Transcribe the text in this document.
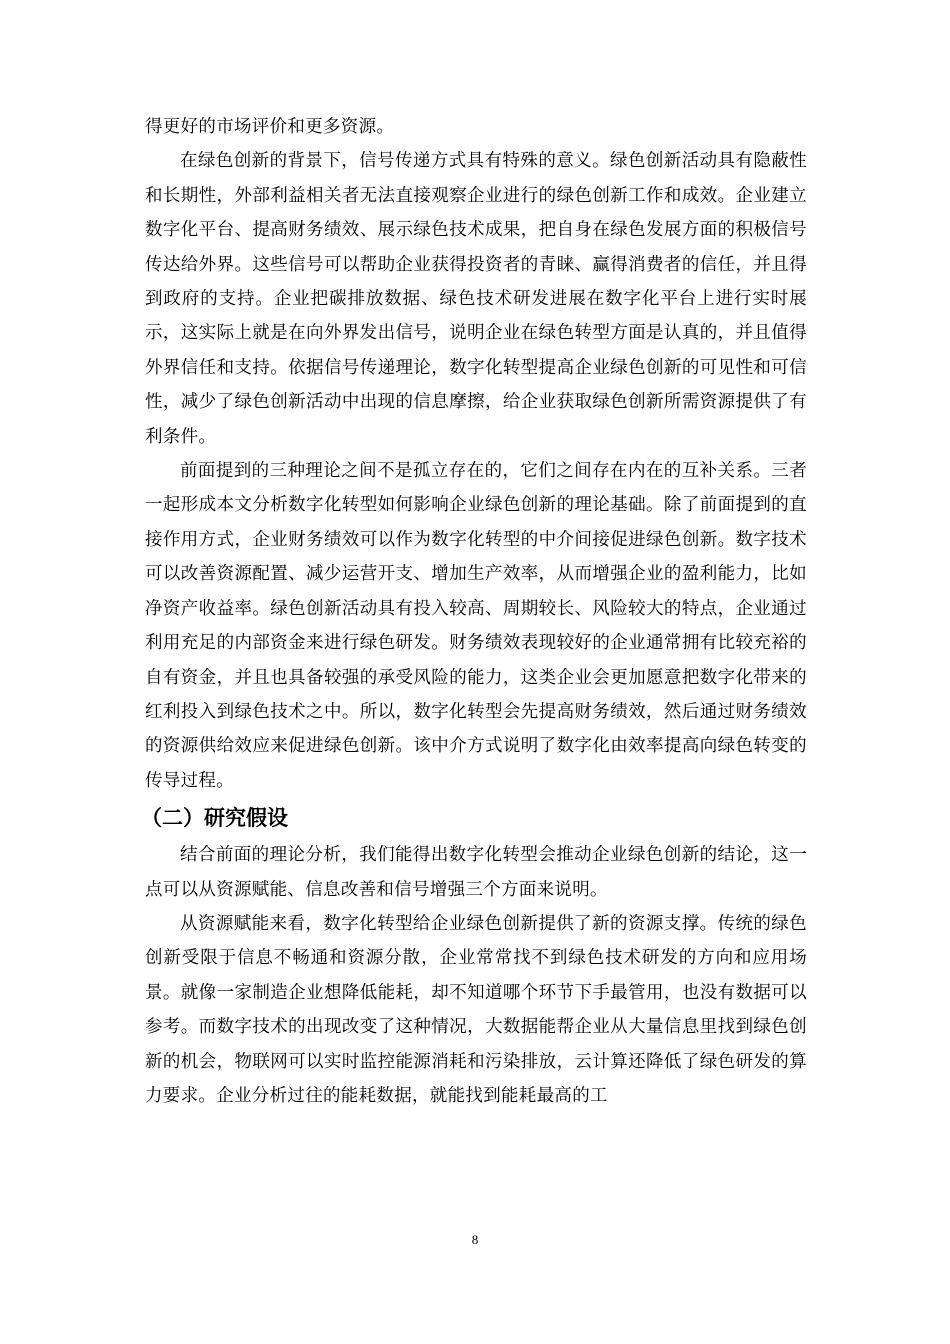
得更好的市场评价和更多资源。

在绿色创新的背景下，信号传递方式具有特殊的意义。绿色创新活动具有隐蔽性和长期性，外部利益相关者无法直接观察企业进行的绿色创新工作和成效。企业建立数字化平台、提高财务绩效、展示绿色技术成果，把自身在绿色发展方面的积极信号传达给外界。这些信号可以帮助企业获得投资者的青睐、赢得消费者的信任，并且得到政府的支持。企业把碳排放数据、绿色技术研发进展在数字化平台上进行实时展示，这实际上就是在向外界发出信号，说明企业在绿色转型方面是认真的，并且值得外界信任和支持。依据信号传递理论，数字化转型提高企业绿色创新的可见性和可信性，减少了绿色创新活动中出现的信息摩擦，给企业获取绿色创新所需资源提供了有利条件。

前面提到的三种理论之间不是孤立存在的，它们之间存在内在的互补关系。三者一起形成本文分析数字化转型如何影响企业绿色创新的理论基础。除了前面提到的直接作用方式，企业财务绩效可以作为数字化转型的中介间接促进绿色创新。数字技术可以改善资源配置、减少运营开支、增加生产效率，从而增强企业的盈利能力，比如净资产收益率。绿色创新活动具有投入较高、周期较长、风险较大的特点，企业通过利用充足的内部资金来进行绿色研发。财务绩效表现较好的企业通常拥有比较充裕的自有资金，并且也具备较强的承受风险的能力，这类企业会更加愿意把数字化带来的红利投入到绿色技术之中。所以，数字化转型会先提高财务绩效，然后通过财务绩效的资源供给效应来促进绿色创新。该中介方式说明了数字化由效率提高向绿色转变的传导过程。

（二）研究假设

结合前面的理论分析，我们能得出数字化转型会推动企业绿色创新的结论，这一点可以从资源赋能、信息改善和信号增强三个方面来说明。

从资源赋能来看，数字化转型给企业绿色创新提供了新的资源支撑。传统的绿色创新受限于信息不畅通和资源分散，企业常常找不到绿色技术研发的方向和应用场景。就像一家制造企业想降低能耗，却不知道哪个环节下手最管用，也没有数据可以参考。而数字技术的出现改变了这种情况，大数据能帮企业从大量信息里找到绿色创新的机会，物联网可以实时监控能源消耗和污染排放，云计算还降低了绿色研发的算力要求。企业分析过往的能耗数据，就能找到能耗最高的工

8
